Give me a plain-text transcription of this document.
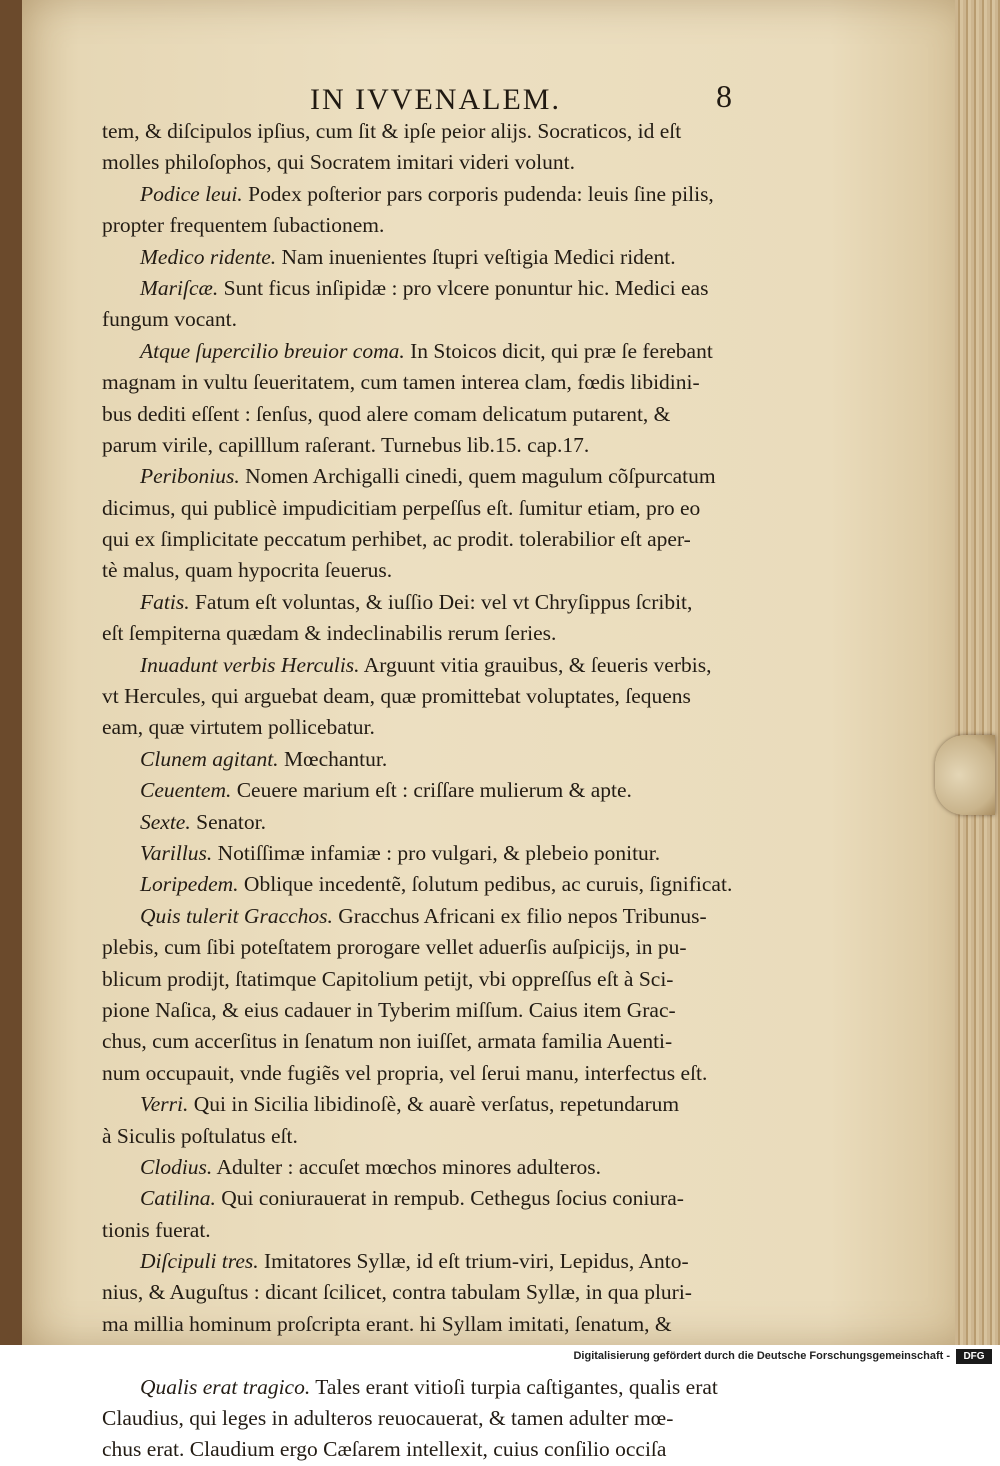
IN IVVENALEM.	8
tem, & diſcipulos ipſius, cum ſit & ipſe peior alijs. Socraticos, id eſt
molles philoſophos, qui Socratem imitari videri volunt.
Podice leui. Podex poſterior pars corporis pudenda: leuis ſine pilis,
propter frequentem ſubactionem.
Medico ridente. Nam inuenientes ſtupri veſtigia Medici rident.
Mariſcæ. Sunt ficus inſipidæ : pro vlcere ponuntur hic. Medici eas
fungum vocant.
Atque ſupercilio breuior coma. In Stoicos dicit, qui præ ſe ferebant
magnam in vultu ſeueritatem, cum tamen interea clam, fœdis libidini-
bus dediti eſſent : ſenſus, quod alere comam delicatum putarent, &
parum virile, capilllum raſerant. Turnebus lib.15. cap.17.
Peribonius. Nomen Archigalli cinedi, quem magulum cõſpurcatum
dicimus, qui publicè impudicitiam perpeſſus eſt. ſumitur etiam, pro eo
qui ex ſimplicitate peccatum perhibet, ac prodit. tolerabilior eſt aper-
tè malus, quam hypocrita ſeuerus.
Fatis. Fatum eſt voluntas, & iuſſio Dei: vel vt Chryſippus ſcribit,
eſt ſempiterna quædam & indeclinabilis rerum ſeries.
Inuadunt verbis Herculis. Arguunt vitia grauibus, & ſeueris verbis,
vt Hercules, qui arguebat deam, quæ promittebat voluptates, ſequens
eam, quæ virtutem pollicebatur.
Clunem agitant. Mœchantur.
Ceuentem. Ceuere marium eſt : criſſare mulierum & apte.
Sexte. Senator.
Varillus. Notiſſimæ infamiæ : pro vulgari, & plebeio ponitur.
Loripedem. Oblique incedentẽ, ſolutum pedibus, ac curuis, ſignificat.
Quis tulerit Gracchos. Gracchus Africani ex filio nepos Tribunus-
plebis, cum ſibi poteſtatem prorogare vellet aduerſis auſpicijs, in pu-
blicum prodijt, ſtatimque Capitolium petijt, vbi oppreſſus eſt à Sci-
pione Naſica, & eius cadauer in Tyberim miſſum. Caius item Grac-
chus, cum accerſitus in ſenatum non iuiſſet, armata familia Auenti-
num occupauit, vnde fugiẽs vel propria, vel ſerui manu, interfectus eſt.
Verri. Qui in Sicilia libidinoſè, & auarè verſatus, repetundarum
à Siculis poſtulatus eſt.
Clodius. Adulter : accuſet mœchos minores adulteros.
Catilina. Qui coniurauerat in rempub. Cethegus ſocius coniura-
tionis fuerat.
Diſcipuli tres. Imitatores Syllæ, id eſt trium-viri, Lepidus, Anto-
nius, & Auguſtus : dicant ſcilicet, contra tabulam Syllæ, in qua pluri-
ma millia hominum proſcripta erant. hi Syllam imitati, ſenatum, &
Qualis erat tragico. Tales erant vitioſi turpia caſtigantes, qualis erat
Claudius, qui leges in adulteros reuocauerat, & tamen adulter mœ-
chus erat. Claudium ergo Cæſarem intellexit, cuius conſilio occiſa
Digitalisierung gefördert durch die Deutsche Forschungsgemeinschaft -	DFG
